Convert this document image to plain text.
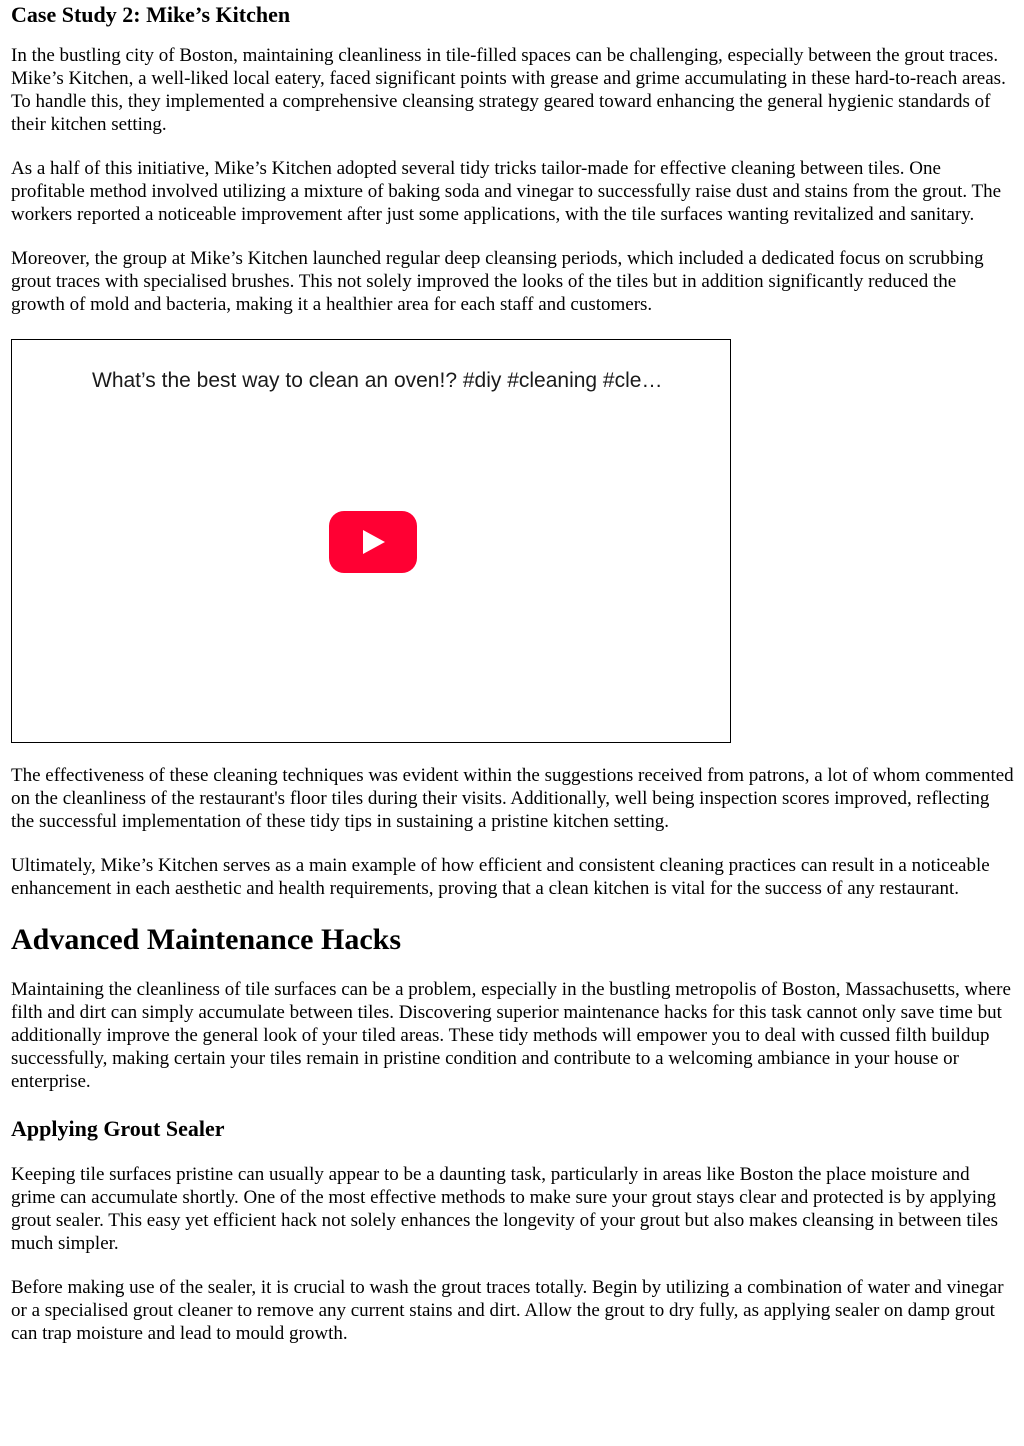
Case Study 2: Mike’s Kitchen

In the bustling city of Boston, maintaining cleanliness in tile-filled spaces can be challenging, especially between the grout traces. Mike’s Kitchen, a well-liked local eatery, faced significant points with grease and grime accumulating in these hard-to-reach areas. To handle this, they implemented a comprehensive cleansing strategy geared toward enhancing the general hygienic standards of their kitchen setting.

As a half of this initiative, Mike’s Kitchen adopted several tidy tricks tailor-made for effective cleaning between tiles. One profitable method involved utilizing a mixture of baking soda and vinegar to successfully raise dust and stains from the grout. The workers reported a noticeable improvement after just some applications, with the tile surfaces wanting revitalized and sanitary.

Moreover, the group at Mike’s Kitchen launched regular deep cleansing periods, which included a dedicated focus on scrubbing grout traces with specialised brushes. This not solely improved the looks of the tiles but in addition significantly reduced the growth of mold and bacteria, making it a healthier area for each staff and customers.

What’s the best way to clean an oven!? #diy #cleaning #cle…

The effectiveness of these cleaning techniques was evident within the suggestions received from patrons, a lot of whom commented on the cleanliness of the restaurant's floor tiles during their visits. Additionally, well being inspection scores improved, reflecting the successful implementation of these tidy tips in sustaining a pristine kitchen setting.

Ultimately, Mike’s Kitchen serves as a main example of how efficient and consistent cleaning practices can result in a noticeable enhancement in each aesthetic and health requirements, proving that a clean kitchen is vital for the success of any restaurant.

Advanced Maintenance Hacks

Maintaining the cleanliness of tile surfaces can be a problem, especially in the bustling metropolis of Boston, Massachusetts, where filth and dirt can simply accumulate between tiles. Discovering superior maintenance hacks for this task cannot only save time but additionally improve the general look of your tiled areas. These tidy methods will empower you to deal with cussed filth buildup successfully, making certain your tiles remain in pristine condition and contribute to a welcoming ambiance in your house or enterprise.

Applying Grout Sealer

Keeping tile surfaces pristine can usually appear to be a daunting task, particularly in areas like Boston the place moisture and grime can accumulate shortly. One of the most effective methods to make sure your grout stays clear and protected is by applying grout sealer. This easy yet efficient hack not solely enhances the longevity of your grout but also makes cleansing in between tiles much simpler.

Before making use of the sealer, it is crucial to wash the grout traces totally. Begin by utilizing a combination of water and vinegar or a specialised grout cleaner to remove any current stains and dirt. Allow the grout to dry fully, as applying sealer on damp grout can trap moisture and lead to mould growth.
